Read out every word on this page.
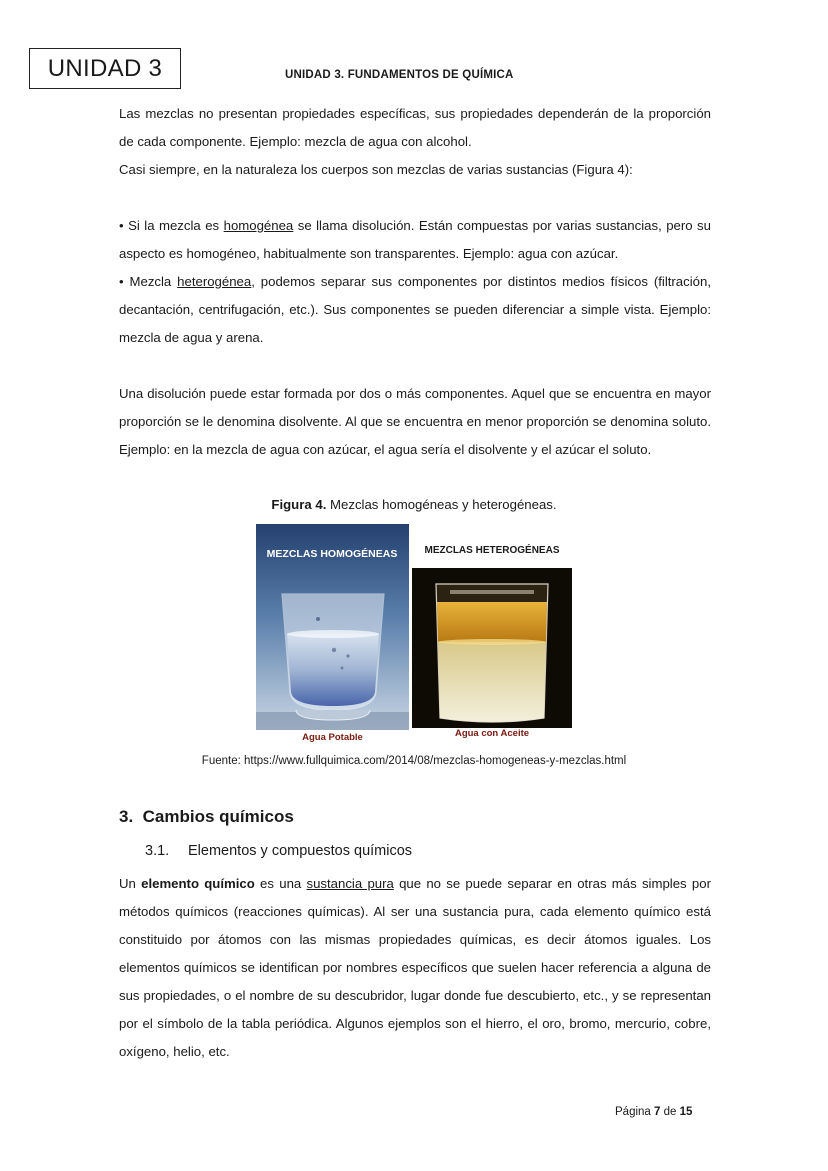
UNIDAD 3	UNIDAD 3. FUNDAMENTOS DE QUÍMICA

Las mezclas no presentan propiedades específicas, sus propiedades dependerán de la proporción de cada componente. Ejemplo: mezcla de agua con alcohol.

Casi siempre, en la naturaleza los cuerpos son mezclas de varias sustancias (Figura 4):

• Si la mezcla es homogénea se llama disolución. Están compuestas por varias sustancias, pero su aspecto es homogéneo, habitualmente son transparentes. Ejemplo: agua con azúcar.

• Mezcla heterogénea, podemos separar sus componentes por distintos medios físicos (filtración, decantación, centrifugación, etc.). Sus componentes se pueden diferenciar a simple vista. Ejemplo: mezcla de agua y arena.

Una disolución puede estar formada por dos o más componentes. Aquel que se encuentra en mayor proporción se le denomina disolvente. Al que se encuentra en menor proporción se denomina soluto. Ejemplo: en la mezcla de agua con azúcar, el agua sería el disolvente y el azúcar el soluto.

Figura 4. Mezclas homogéneas y heterogéneas.
MEZCLAS HOMOGÉNEAS
Agua Potable
MEZCLAS HETEROGÉNEAS
Agua con Aceite
Fuente: https://www.fullquimica.com/2014/08/mezclas-homogeneas-y-mezclas.html
3. Cambios químicos
3.1. Elementos y compuestos químicos

Un elemento químico es una sustancia pura que no se puede separar en otras más simples por métodos químicos (reacciones químicas). Al ser una sustancia pura, cada elemento químico está constituido por átomos con las mismas propiedades químicas, es decir átomos iguales. Los elementos químicos se identifican por nombres específicos que suelen hacer referencia a alguna de sus propiedades, o el nombre de su descubridor, lugar donde fue descubierto, etc., y se representan por el símbolo de la tabla periódica. Algunos ejemplos son el hierro, el oro, bromo, mercurio, cobre, oxígeno, helio, etc.

Página 7 de 15
